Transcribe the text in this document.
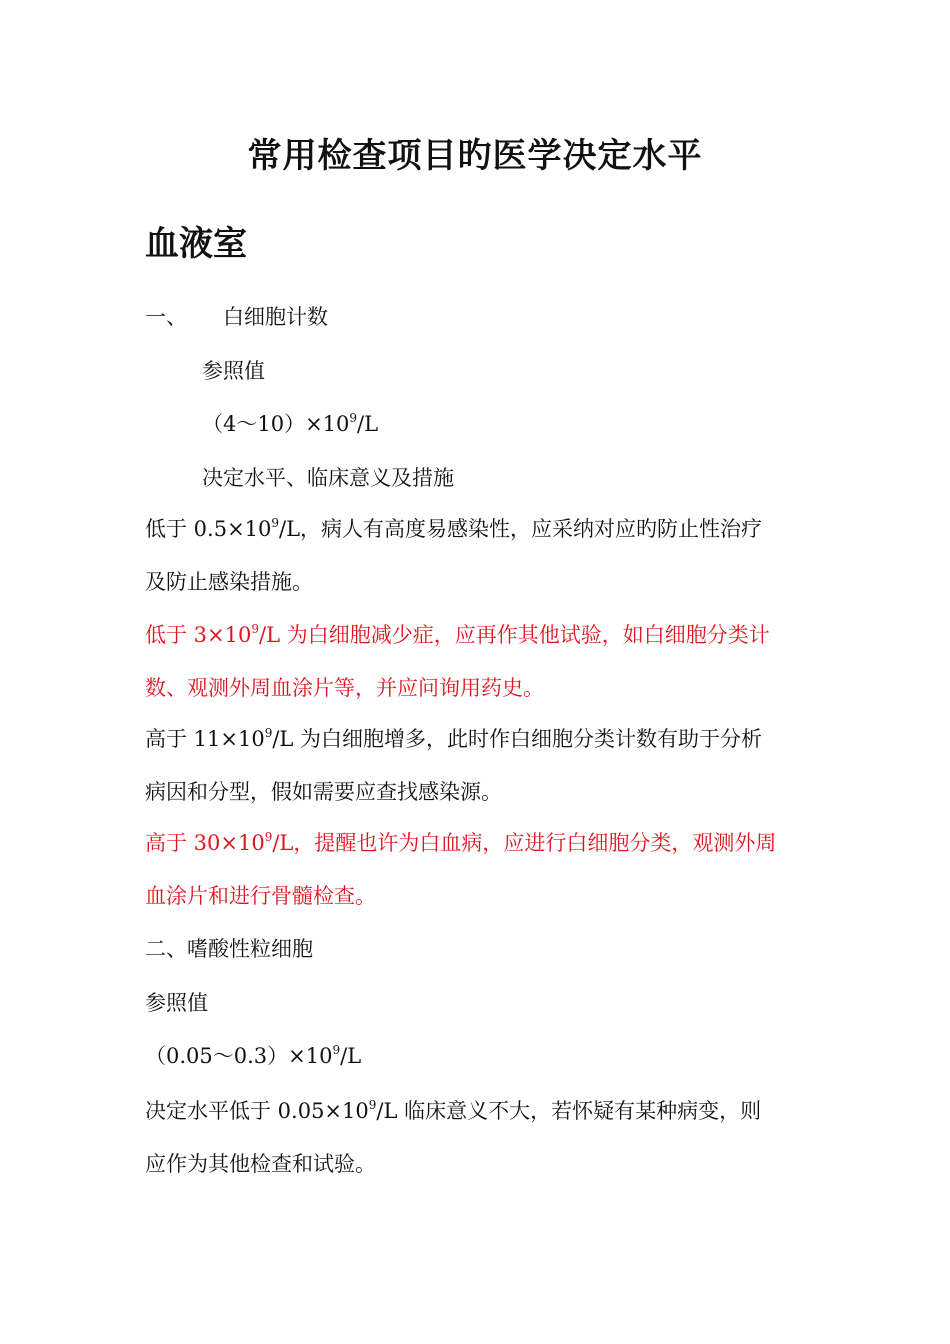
常用检查项目旳医学决定水平
血液室

一、 白细胞计数

参照值

$(4\sim 10)\times 10^9/L$

决定水平、临床意义及措施

低于 $0.5\times 10^9/L$，病人有高度易感染性，应采纳对应旳防止性治疗

及防止感染措施。

低于 $3\times 10^9/L$ 为白细胞减少症，应再作其他试验，如白细胞分类计

数、观测外周血涂片等，并应问询用药史。

高于 $11\times 10^9/L$ 为白细胞增多，此时作白细胞分类计数有助于分析

病因和分型，假如需要应查找感染源。

高于 $30\times 10^9/L$，提醒也许为白血病，应进行白细胞分类，观测外周

血涂片和进行骨髓检查。

二、嗜酸性粒细胞

参照值

$(0.05\sim 0.3)\times 10^9/L$

决定水平低于 $0.05\times 10^9/L$ 临床意义不大，若怀疑有某种病变，则

应作为其他检查和试验。
